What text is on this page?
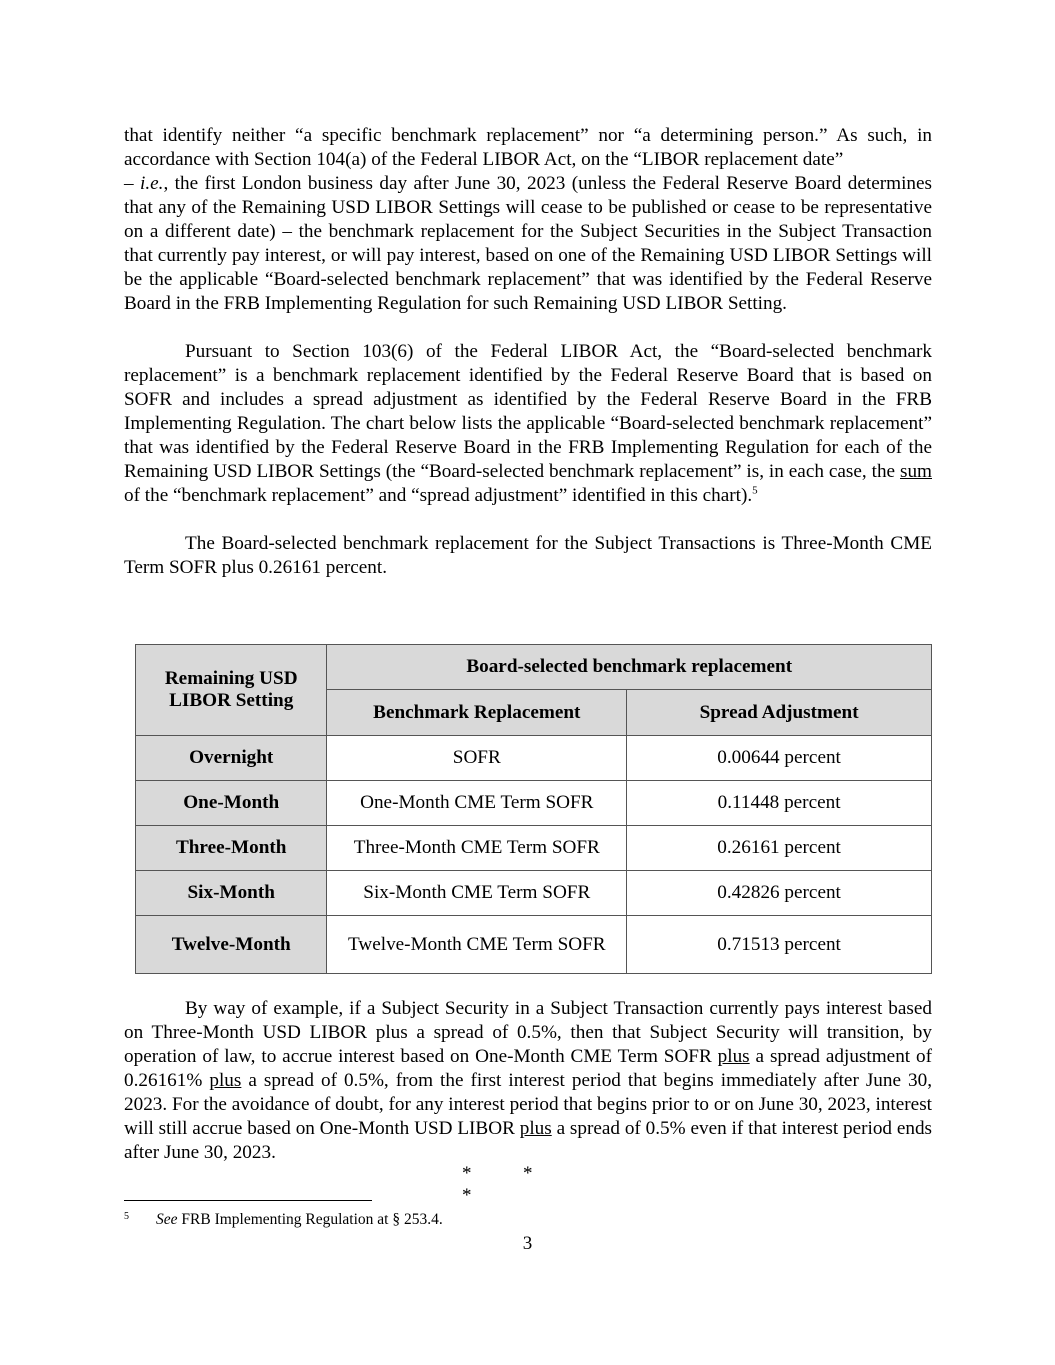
that identify neither “a specific benchmark replacement” nor “a determining person.” As such, in accordance with Section 104(a) of the Federal LIBOR Act, on the “LIBOR replacement date”
– i.e., the first London business day after June 30, 2023 (unless the Federal Reserve Board determines that any of the Remaining USD LIBOR Settings will cease to be published or cease to be representative on a different date) – the benchmark replacement for the Subject Securities in the Subject Transaction that currently pay interest, or will pay interest, based on one of the Remaining USD LIBOR Settings will be the applicable “Board-selected benchmark replacement” that was identified by the Federal Reserve Board in the FRB Implementing Regulation for such Remaining USD LIBOR Setting.

Pursuant to Section 103(6) of the Federal LIBOR Act, the “Board-selected benchmark replacement” is a benchmark replacement identified by the Federal Reserve Board that is based on SOFR and includes a spread adjustment as identified by the Federal Reserve Board in the FRB Implementing Regulation. The chart below lists the applicable “Board-selected benchmark replacement” that was identified by the Federal Reserve Board in the FRB Implementing Regulation for each of the Remaining USD LIBOR Settings (the “Board-selected benchmark replacement” is, in each case, the sum of the “benchmark replacement” and “spread adjustment” identified in this chart).$^5$

The Board-selected benchmark replacement for the Subject Transactions is Three-Month CME Term SOFR plus 0.26161 percent.

Remaining USD LIBOR Setting	Board-selected benchmark replacement	
	Benchmark Replacement	Spread Adjustment
Overnight	SOFR	0.00644 percent
One-Month	One-Month CME Term SOFR	0.11448 percent
Three-Month	Three-Month CME Term SOFR	0.26161 percent
Six-Month	Six-Month CME Term SOFR	0.42826 percent
Twelve-Month	Twelve-Month CME Term SOFR	0.71513 percent

By way of example, if a Subject Security in a Subject Transaction currently pays interest based on Three-Month USD LIBOR plus a spread of 0.5%, then that Subject Security will transition, by operation of law, to accrue interest based on One-Month CME Term SOFR plus a spread adjustment of 0.26161% plus a spread of 0.5%, from the first interest period that begins immediately after June 30, 2023. For the avoidance of doubt, for any interest period that begins prior to or on June 30, 2023, interest will still accrue based on One-Month USD LIBOR plus a spread of 0.5% even if that interest period ends after June 30, 2023.

*	**
5 See FRB Implementing Regulation at § 253.4.
3
